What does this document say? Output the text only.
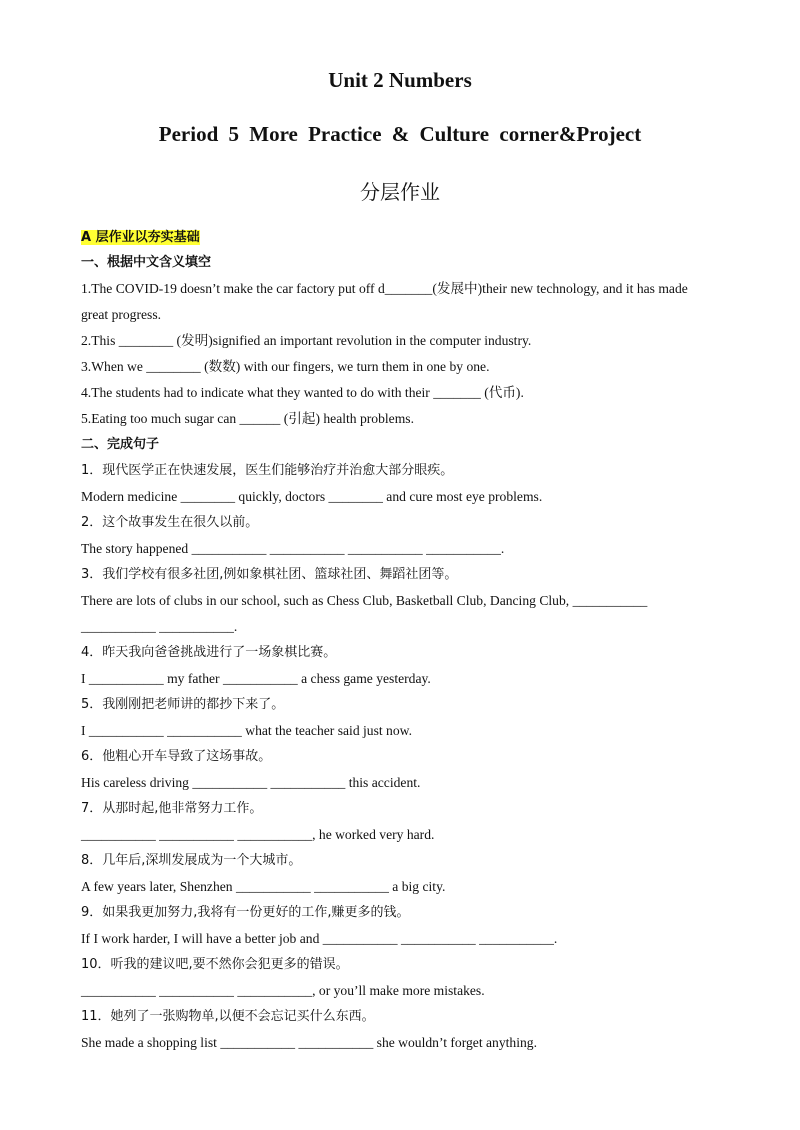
Unit 2 Numbers
Period 5 More Practice & Culture corner&Project
分层作业
A 层作业以夯实基础
一、根据中文含义填空
1.The COVID-19 doesn’t make the car factory put off d_______(发展中)their new technology, and it has made
great progress.
2.This ________ (发明)signified an important revolution in the computer industry.
3.When we ________ (数数) with our fingers, we turn them in one by one.
4.The students had to indicate what they wanted to do with their _______ (代币).
5.Eating too much sugar can ______ (引起) health problems.
二、完成句子
1．现代医学正在快速发展，医生们能够治疗并治愈大部分眼疾。
Modern medicine ________ quickly, doctors ________ and cure most eye problems.
2．这个故事发生在很久以前。
The story happened ___________ ___________ ___________ ___________.
3．我们学校有很多社团,例如象棋社团、篮球社团、舞蹈社团等。
There are lots of clubs in our school, such as Chess Club, Basketball Club, Dancing Club, ___________
___________ ___________.
4．昨天我向爸爸挑战进行了一场象棋比赛。
I ___________ my father ___________ a chess game yesterday.
5．我刚刚把老师讲的都抄下来了。
I ___________ ___________ what the teacher said just now.
6．他粗心开车导致了这场事故。
His careless driving ___________ ___________ this accident.
7．从那时起,他非常努力工作。
___________ ___________ ___________, he worked very hard.
8．几年后,深圳发展成为一个大城市。
A few years later, Shenzhen ___________ ___________ a big city.
9．如果我更加努力,我将有一份更好的工作,赚更多的钱。
If I work harder, I will have a better job and ___________ ___________ ___________.
10．听我的建议吧,要不然你会犯更多的错误。
___________ ___________ ___________, or you’ll make more mistakes.
11．她列了一张购物单,以便不会忘记买什么东西。
She made a shopping list ___________ ___________ she wouldn’t forget anything.
